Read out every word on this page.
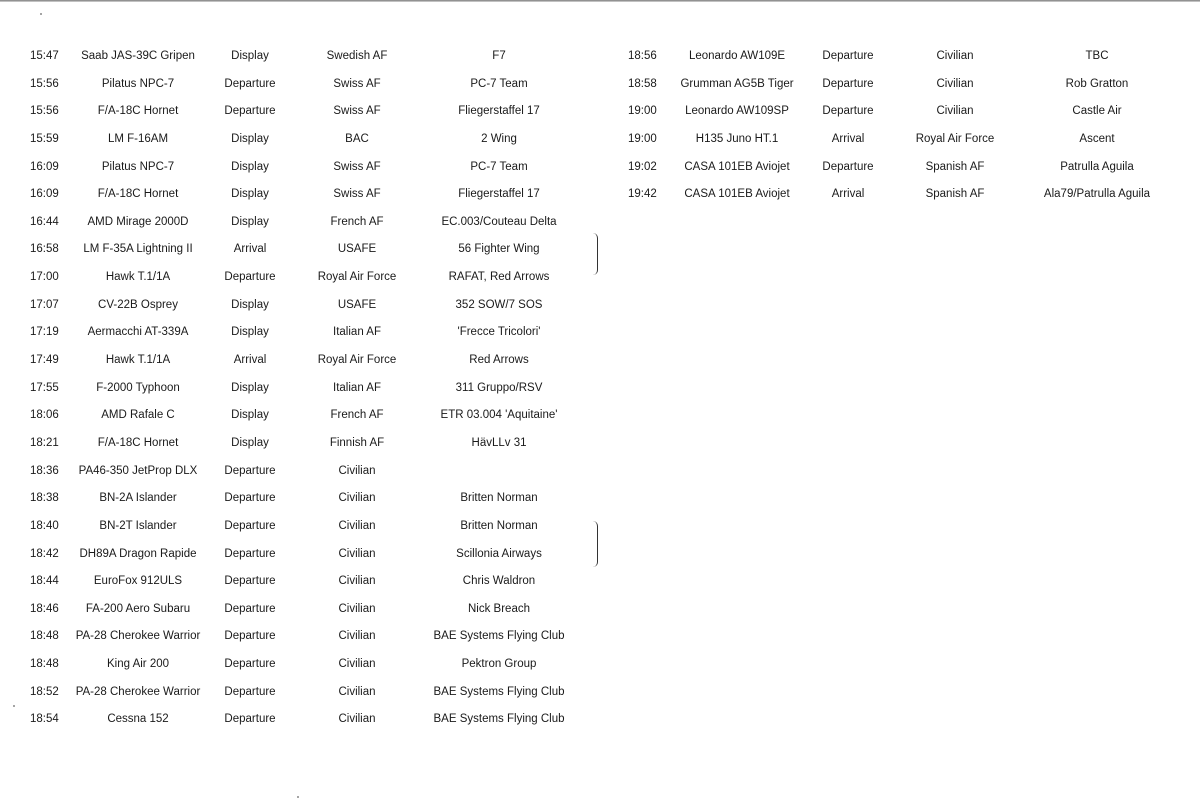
15:47 Saab JAS-39C Gripen	Display	Swedish AF	F7
15:56	Pilatus NPC-7	Departure	Swiss AF	PC-7 Team
15:56	F/A-18C Hornet	Departure	Swiss AF	Fliegerstaffel 17
15:59	LM F-16AM	Display	BAC	2 Wing
16:09	Pilatus NPC-7	Display	Swiss AF	PC-7 Team
16:09	F/A-18C Hornet	Display	Swiss AF	Fliegerstaffel 17
16:44 AMD Mirage 2000D	Display	French AF	EC.003/Couteau Delta
16:58 LM F-35A Lightning II	Arrival	USAFE	56 Fighter Wing
17:00	Hawk T.1/1A	Departure	Royal Air Force	RAFAT, Red Arrows
17:07	CV-22B Osprey	Display	USAFE	352 SOW/7 SOS
17:19	Aermacchi AT-339A	Display	Italian AF	'Frecce Tricolori'
17:49	Hawk T.1/1A	Arrival	Royal Air Force	Red Arrows
17:55	F-2000 Typhoon	Display	Italian AF	311 Gruppo/RSV
18:06	AMD Rafale C	Display	French AF	ETR 03.004 'Aquitaine'
18:21	F/A-18C Hornet	Display	Finnish AF	HävLLv 31
18:36 PA46-350 JetProp DLX Departure	Civilian
18:38	BN-2A Islander	Departure	Civilian	Britten Norman
18:40	BN-2T Islander	Departure	Civilian	Britten Norman
18:42 DH89A Dragon Rapide Departure	Civilian	Scillonia Airways
18:44	EuroFox 912ULS	Departure	Civilian	Chris Waldron
18:46 FA-200 Aero Subaru	Departure	Civilian	Nick Breach
18:48 PA-28 Cherokee Warrior Departure	Civilian	BAE Systems Flying Club
18:48	King Air 200	Departure	Civilian	Pektron Group
18:52 PA-28 Cherokee Warrior Departure	Civilian	BAE Systems Flying Club
18:54	Cessna 152	Departure	Civilian	BAE Systems Flying Club
18:56	Leonardo AW109E	Departure	Civilian	TBC
18:58 Grumman AG5B Tiger	Departure	Civilian	Rob Gratton
19:00 Leonardo AW109SP	Departure	Civilian	Castle Air
19:00	H135 Juno HT.1	Arrival	Royal Air Force	Ascent
19:02 CASA 101EB Aviojet	Departure	Spanish AF	Patrulla Aguila
19:42 CASA 101EB Aviojet	Arrival	Spanish AF	Ala79/Patrulla Aguila
